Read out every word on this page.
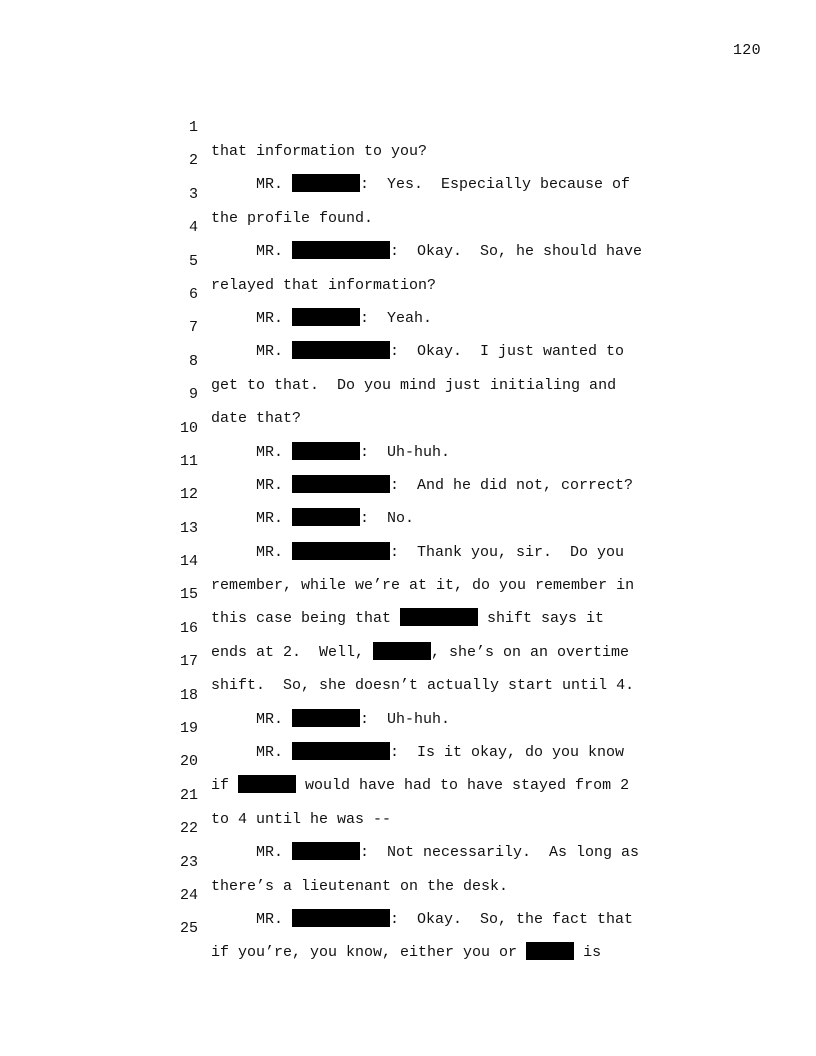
120

1

that information to you?

2

MR.	:  Yes.  Especially because of

3

the profile found.

4

MR.	:  Okay.  So, he should have

5

relayed that information?

6

MR.	:  Yeah.

7

MR.	:  Okay.  I just wanted to

8

get to that.  Do you mind just initialing and

9

date that?

10

MR.	:  Uh-huh.

11

MR.	:  And he did not, correct?

12

MR.	:  No.

13

MR.	:  Thank you, sir.  Do you

14

remember, while we’re at it, do you remember in

15

this case being that	shift says it

16

ends at 2.  Well,	, she’s on an overtime

17

shift.  So, she doesn’t actually start until 4.

18

MR.	:  Uh-huh.

19

MR.	:  Is it okay, do you know

20

if	would have had to have stayed from 2

21

to 4 until he was --

22

MR.	:  Not necessarily.  As long as

23

there’s a lieutenant on the desk.

24

MR.	:  Okay.  So, the fact that

25

if you’re, you know, either you or	is
